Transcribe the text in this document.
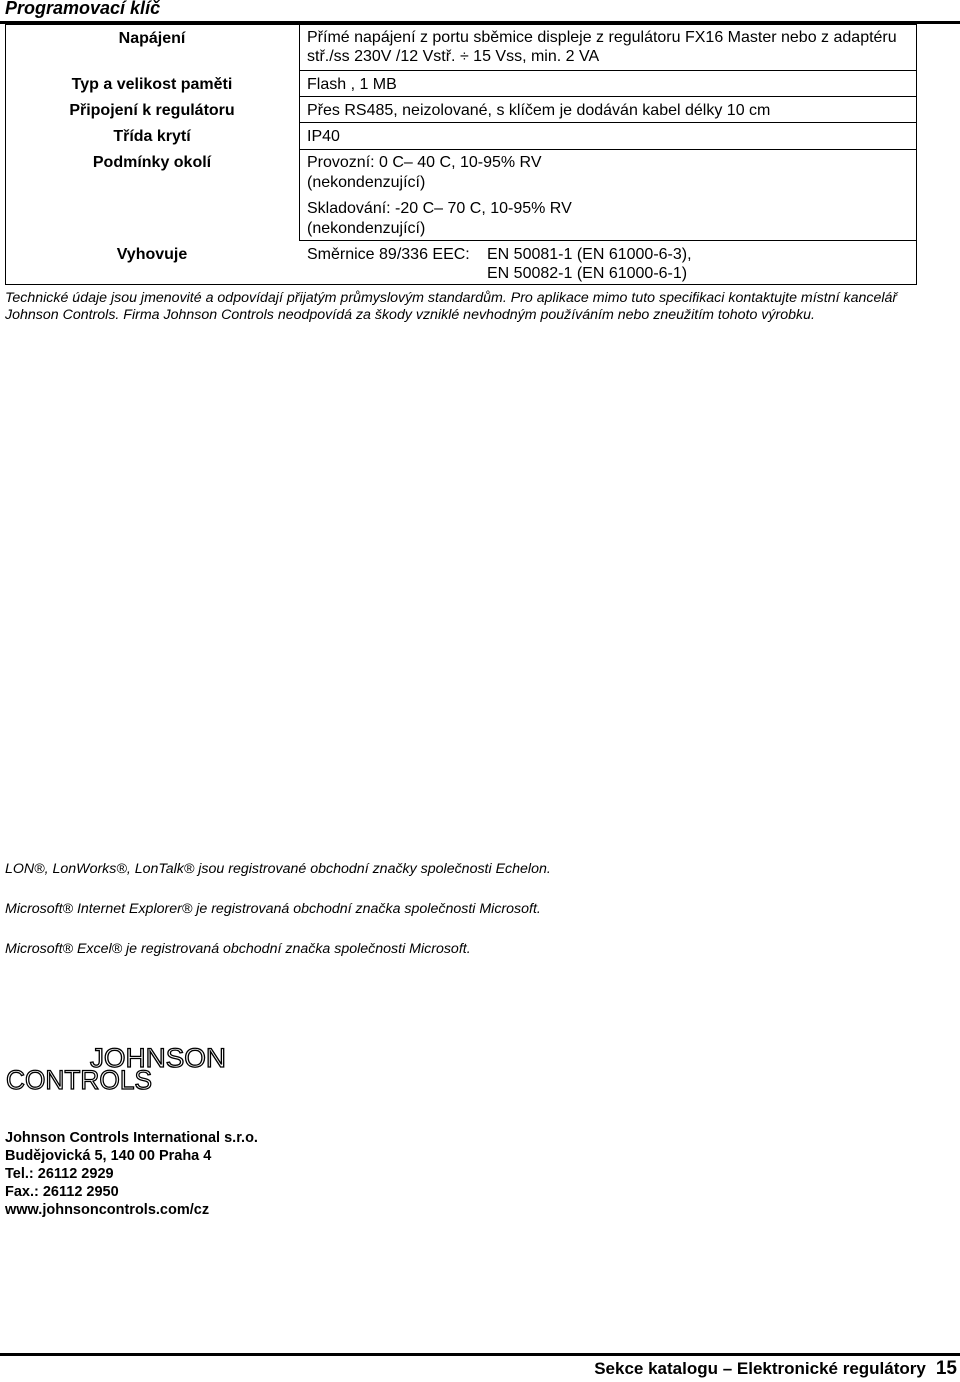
Programovací klíč
Napájení	Přímé napájení z portu sběmice displeje z regulátoru FX16 Master nebo z adaptéru
stř./ss 230V /12 Vstř. ÷ 15 Vss, min. 2 VA
Typ a velikost paměti	Flash , 1 MB
Připojení k regulátoru	Přes RS485, neizolované, s klíčem je dodáván kabel délky 10 cm
Třída krytí	IP40
Podmínky okolí	Provozní: 0 C– 40 C, 10-95% RV
(nekondenzující)
Skladování: -20 C– 70 C, 10-95% RV
(nekondenzující)
Vyhovuje	Směrnice 89/336 EEC: EN 50081-1 (EN 61000-6-3),
EN 50082-1 (EN 61000-6-1)
Technické údaje jsou jmenovité a odpovídají přijatým průmyslovým standardům. Pro aplikace mimo tuto specifikaci kontaktujte místní kancelář Johnson Controls. Firma Johnson Controls neodpovídá za škody vzniklé nevhodným používáním nebo zneužitím tohoto výrobku.
LON®, LonWorks®, LonTalk® jsou registrované obchodní značky společnosti Echelon.
Microsoft® Internet Explorer® je registrovaná obchodní značka společnosti Microsoft.
Microsoft® Excel® je registrovaná obchodní značka společnosti Microsoft.
JOHNSON
CONTROLS
Johnson Controls International s.r.o.
Budějovická 5, 140 00 Praha 4
Tel.: 26112 2929
Fax.: 26112 2950
www.johnsoncontrols.com/cz
Sekce katalogu – Elektronické regulátory 15
